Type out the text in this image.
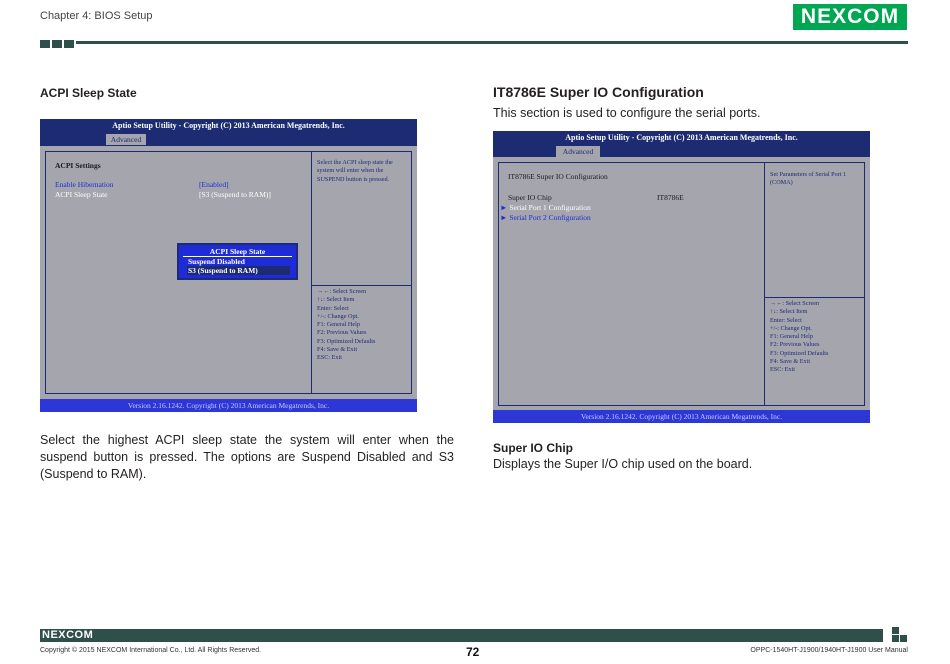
Chapter 4: BIOS Setup	NEXCOM
ACPI Sleep State
Aptio Setup Utility - Copyright (C) 2013 American Megatrends, Inc.
Advanced
ACPI Settings
Enable Hibernation	[Enabled]
ACPI Sleep State	[S3 (Suspend to RAM)]
Select the ACPI sleep state the system will enter when the SUSPEND button is pressed.
→←: Select Screen
↑↓: Select Item
Enter: Select
+/-: Change Opt.
F1: General Help
F2: Previous Values
F3: Optimized Defaults
F4: Save & Exit
ESC: Exit
ACPI Sleep State
Suspend Disabled
S3 (Suspend to RAM)
Version 2.16.1242. Copyright (C) 2013 American Megatrends, Inc.
Select the highest ACPI sleep state the system will enter when the suspend button is pressed. The options are Suspend Disabled and S3 (Suspend to RAM).
IT8786E Super IO Configuration
This section is used to configure the serial ports.
Aptio Setup Utility - Copyright (C) 2013 American Megatrends, Inc.
Advanced
IT8786E Super IO Configuration
Super IO Chip	IT8786E
► Serial Port 1 Configuration
► Serial Port 2 Configuration
Set Parameters of Serial Port 1 (COMA)
→←: Select Screen
↑↓: Select Item
Enter: Select
+/-: Change Opt.
F1: General Help
F2: Previous Values
F3: Optimized Defaults
F4: Save & Exit
ESC: Exit
Version 2.16.1242. Copyright (C) 2013 American Megatrends, Inc.
Super IO Chip
Displays the Super I/O chip used on the board.
NEXCOM
Copyright © 2015 NEXCOM International Co., Ltd. All Rights Reserved.	72	OPPC-1540HT-J1900/1940HT-J1900 User Manual
